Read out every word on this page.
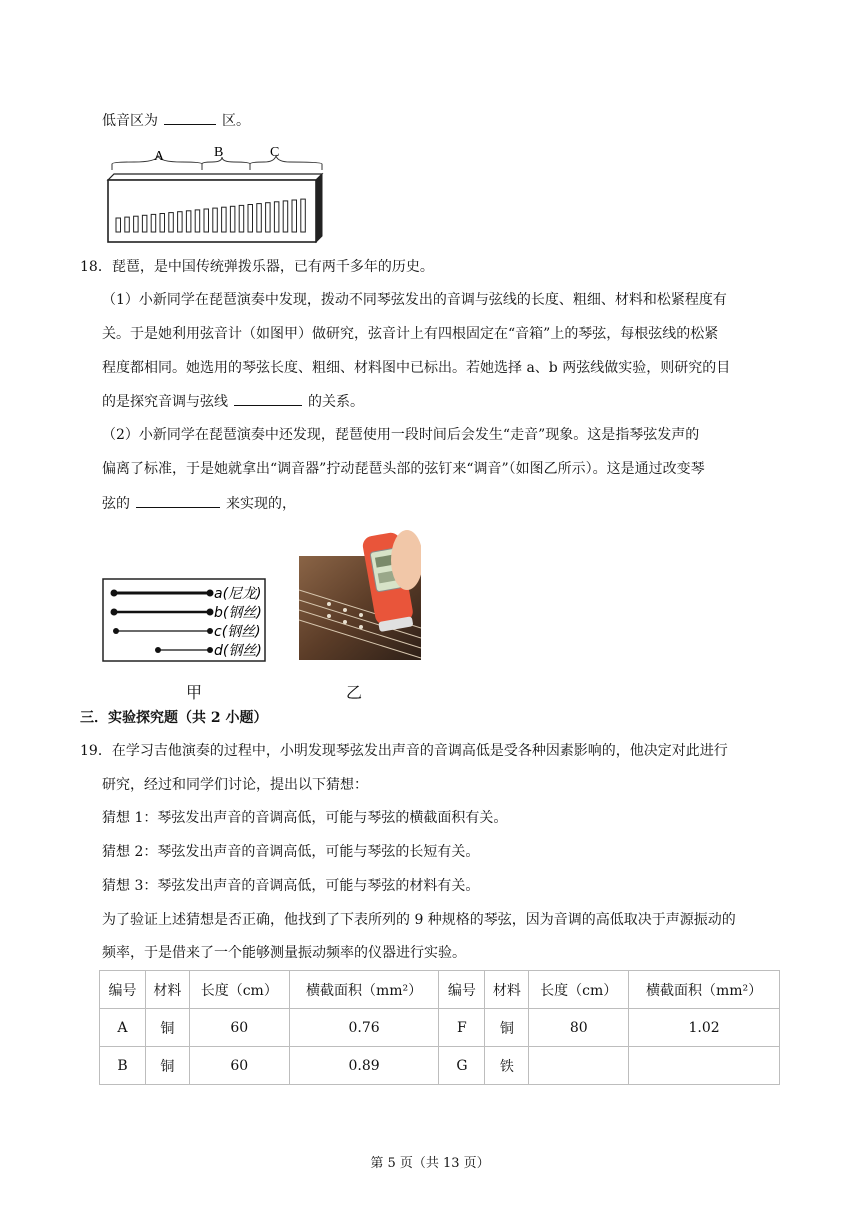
低音区为	区。
A	B	C
18．琵琶，是中国传统弹拨乐器，已有两千多年的历史。
（1）小新同学在琵琶演奏中发现，拨动不同琴弦发出的音调与弦线的长度、粗细、材料和松紧程度有
关。于是她利用弦音计（如图甲）做研究，弦音计上有四根固定在“音箱”上的琴弦，每根弦线的松紧
程度都相同。她选用的琴弦长度、粗细、材料图中已标出。若她选择 a、b 两弦线做实验，则研究的目
的是探究音调与弦线	的关系。
（2）小新同学在琵琶演奏中还发现，琵琶使用一段时间后会发生“走音”现象。这是指琴弦发声的
偏离了标准，于是她就拿出“调音器”拧动琵琶头部的弦钉来“调音”（如图乙所示）。这是通过改变琴
弦的	来实现的，
a(尼龙)
b(钢丝)
c(钢丝)
d(钢丝)
甲	乙
三．实验探究题（共 2 小题）
19．在学习吉他演奏的过程中，小明发现琴弦发出声音的音调高低是受各种因素影响的，他决定对此进行
研究，经过和同学们讨论，提出以下猜想：
猜想 1：琴弦发出声音的音调高低，可能与琴弦的横截面积有关。
猜想 2：琴弦发出声音的音调高低，可能与琴弦的长短有关。
猜想 3：琴弦发出声音的音调高低，可能与琴弦的材料有关。
为了验证上述猜想是否正确，他找到了下表所列的 9 种规格的琴弦，因为音调的高低取决于声源振动的
频率，于是借来了一个能够测量振动频率的仪器进行实验。
编号	材料	长度（cm）	横截面积（mm²）	编号	材料	长度（cm）	横截面积（mm²）
A	铜	60	0.76	F	铜	80	1.02
B	铜	60	0.89	G	铁		
第 5 页（共 13 页）
